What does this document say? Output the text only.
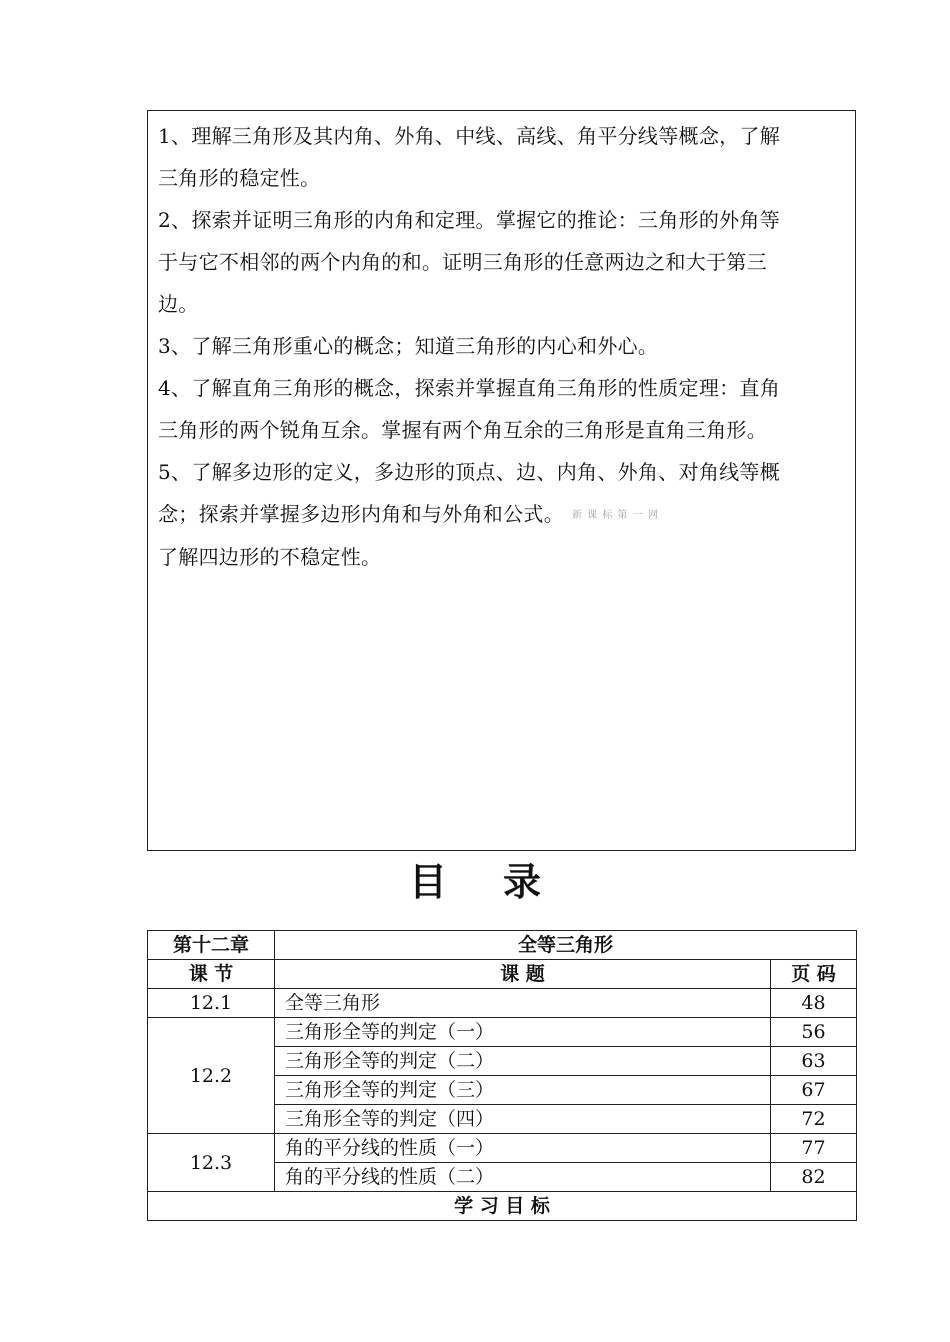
1、理解三角形及其内角、外角、中线、高线、角平分线等概念，了解
三角形的稳定性。
2、探索并证明三角形的内角和定理。掌握它的推论：三角形的外角等
于与它不相邻的两个内角的和。证明三角形的任意两边之和大于第三
边。
3、了解三角形重心的概念；知道三角形的内心和外心。
4、了解直角三角形的概念，探索并掌握直角三角形的性质定理：直角
三角形的两个锐角互余。掌握有两个角互余的三角形是直角三角形。
5、了解多边形的定义，多边形的顶点、边、内角、外角、对角线等概
念；探索并掌握多边形内角和与外角和公式。 新 课 标 第 一 网
了解四边形的不稳定性。
目 录
第十二章	全等三角形	
课 节	课 题	页 码
12.1	全等三角形	48
12.2	三角形全等的判定（一）	56
	三角形全等的判定（二）	63
	三角形全等的判定（三）	67
	三角形全等的判定（四）	72
12.3	角的平分线的性质（一）	77
	角的平分线的性质（二）	82
学 习 目 标		
